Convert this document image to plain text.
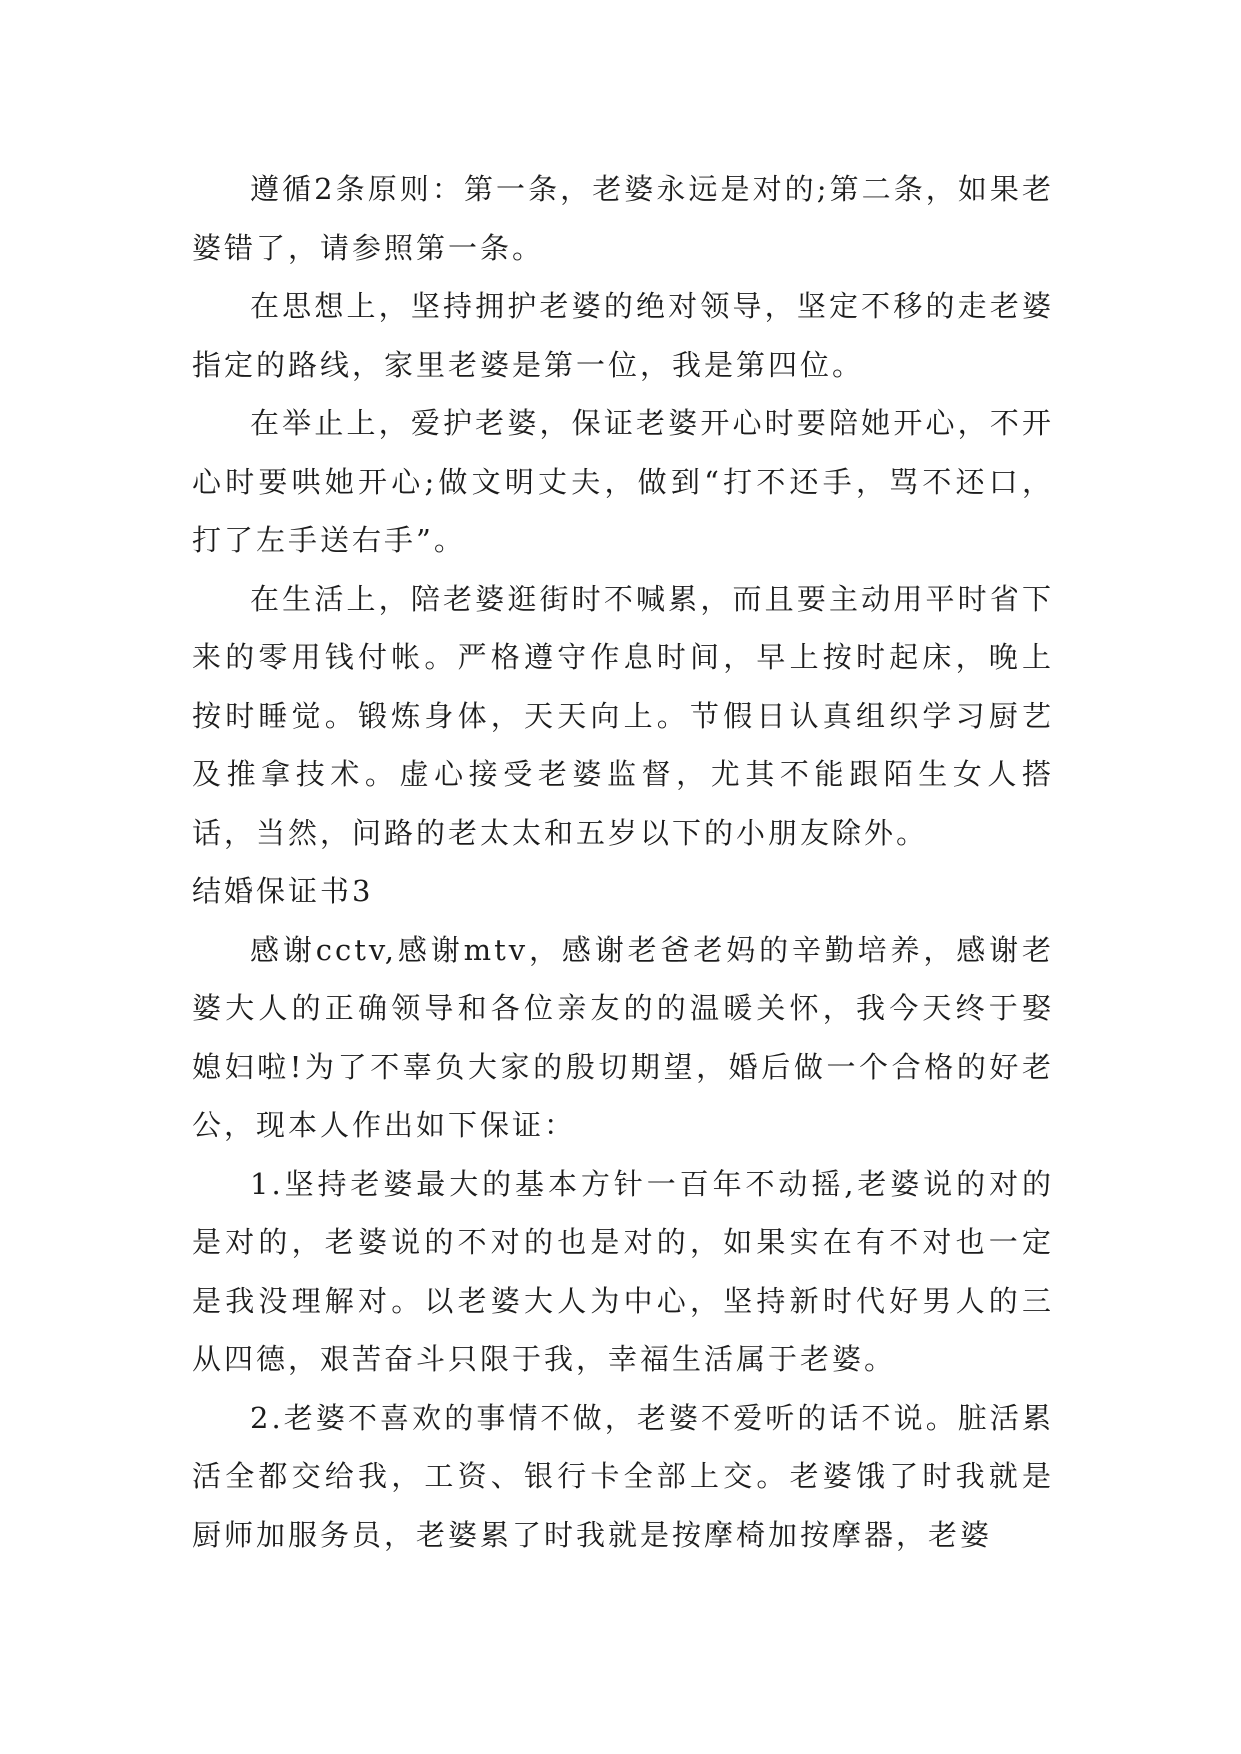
遵循2条原则：第一条，老婆永远是对的;第二条，如果老婆错了，请参照第一条。

在思想上，坚持拥护老婆的绝对领导，坚定不移的走老婆指定的路线，家里老婆是第一位，我是第四位。

在举止上，爱护老婆，保证老婆开心时要陪她开心，不开心时要哄她开心;做文明丈夫，做到“打不还手，骂不还口，打了左手送右手”。

在生活上，陪老婆逛街时不喊累，而且要主动用平时省下来的零用钱付帐。严格遵守作息时间，早上按时起床，晚上按时睡觉。锻炼身体，天天向上。节假日认真组织学习厨艺及推拿技术。虚心接受老婆监督，尤其不能跟陌生女人搭话，当然，问路的老太太和五岁以下的小朋友除外。

结婚保证书3

感谢cctv,感谢mtv，感谢老爸老妈的辛勤培养，感谢老婆大人的正确领导和各位亲友的的温暖关怀，我今天终于娶媳妇啦!为了不辜负大家的殷切期望，婚后做一个合格的好老公，现本人作出如下保证：

1.坚持老婆最大的基本方针一百年不动摇,老婆说的对的是对的，老婆说的不对的也是对的，如果实在有不对也一定是我没理解对。以老婆大人为中心，坚持新时代好男人的三从四德，艰苦奋斗只限于我，幸福生活属于老婆。

2.老婆不喜欢的事情不做，老婆不爱听的话不说。脏活累活全都交给我，工资、银行卡全部上交。老婆饿了时我就是厨师加服务员，老婆累了时我就是按摩椅加按摩器，老婆
